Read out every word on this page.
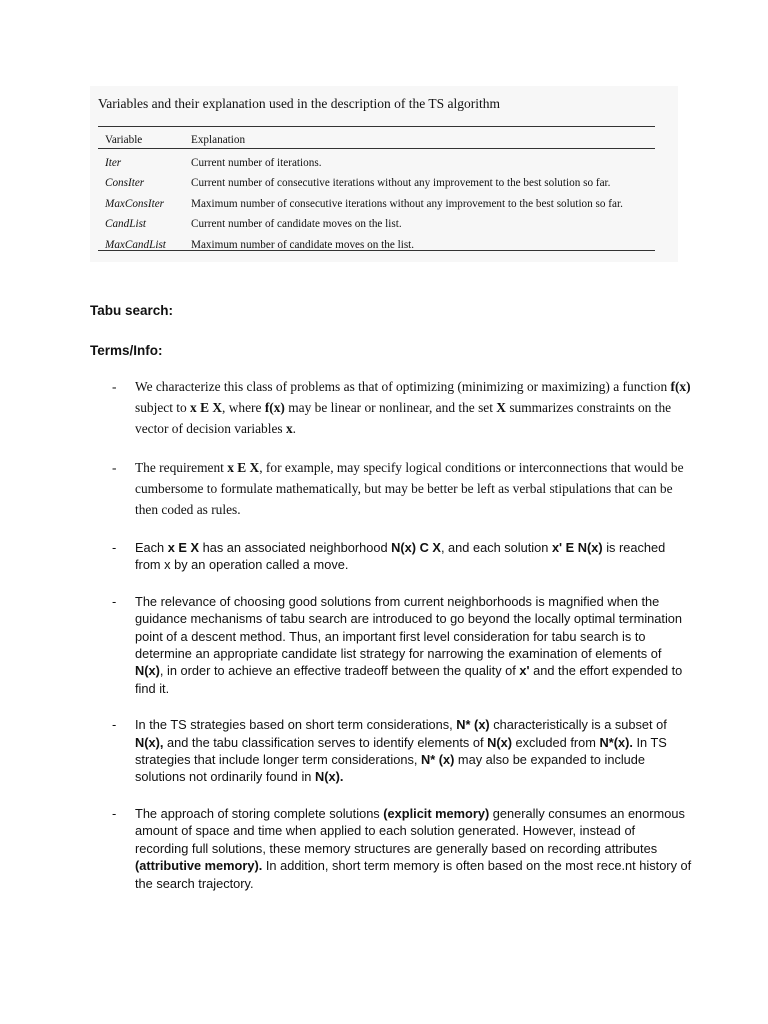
Variables and their explanation used in the description of the TS algorithm
Variable	Explanation
Iter	Current number of iterations.
ConsIter	Current number of consecutive iterations without any improvement to the best solution so far.
MaxConsIter	Maximum number of consecutive iterations without any improvement to the best solution so far.
CandList	Current number of candidate moves on the list.
MaxCandList	Maximum number of candidate moves on the list.
Tabu search:
Terms/Info:
- We characterize this class of problems as that of optimizing (minimizing or maximizing) a function f(x) subject to x E X, where f(x) may be linear or nonlinear, and the set X summarizes constraints on the vector of decision variables x.
- The requirement x E X, for example, may specify logical conditions or interconnections that would be cumbersome to formulate mathematically, but may be better be left as verbal stipulations that can be then coded as rules.
- Each x E X has an associated neighborhood N(x) C X, and each solution x' E N(x) is reached from x by an operation called a move.
- The relevance of choosing good solutions from current neighborhoods is magnified when the guidance mechanisms of tabu search are introduced to go beyond the locally optimal termination point of a descent method. Thus, an important first level consideration for tabu search is to determine an appropriate candidate list strategy for narrowing the examination of elements of N(x), in order to achieve an effective tradeoff between the quality of x' and the effort expended to find it.
- In the TS strategies based on short term considerations, N* (x) characteristically is a subset of N(x), and the tabu classification serves to identify elements of N(x) excluded from N*(x). In TS strategies that include longer term considerations, N* (x) may also be expanded to include solutions not ordinarily found in N(x).
- The approach of storing complete solutions (explicit memory) generally consumes an enormous amount of space and time when applied to each solution generated. However, instead of recording full solutions, these memory structures are generally based on recording attributes (attributive memory). In addition, short term memory is often based on the most rece.nt history of the search trajectory.
